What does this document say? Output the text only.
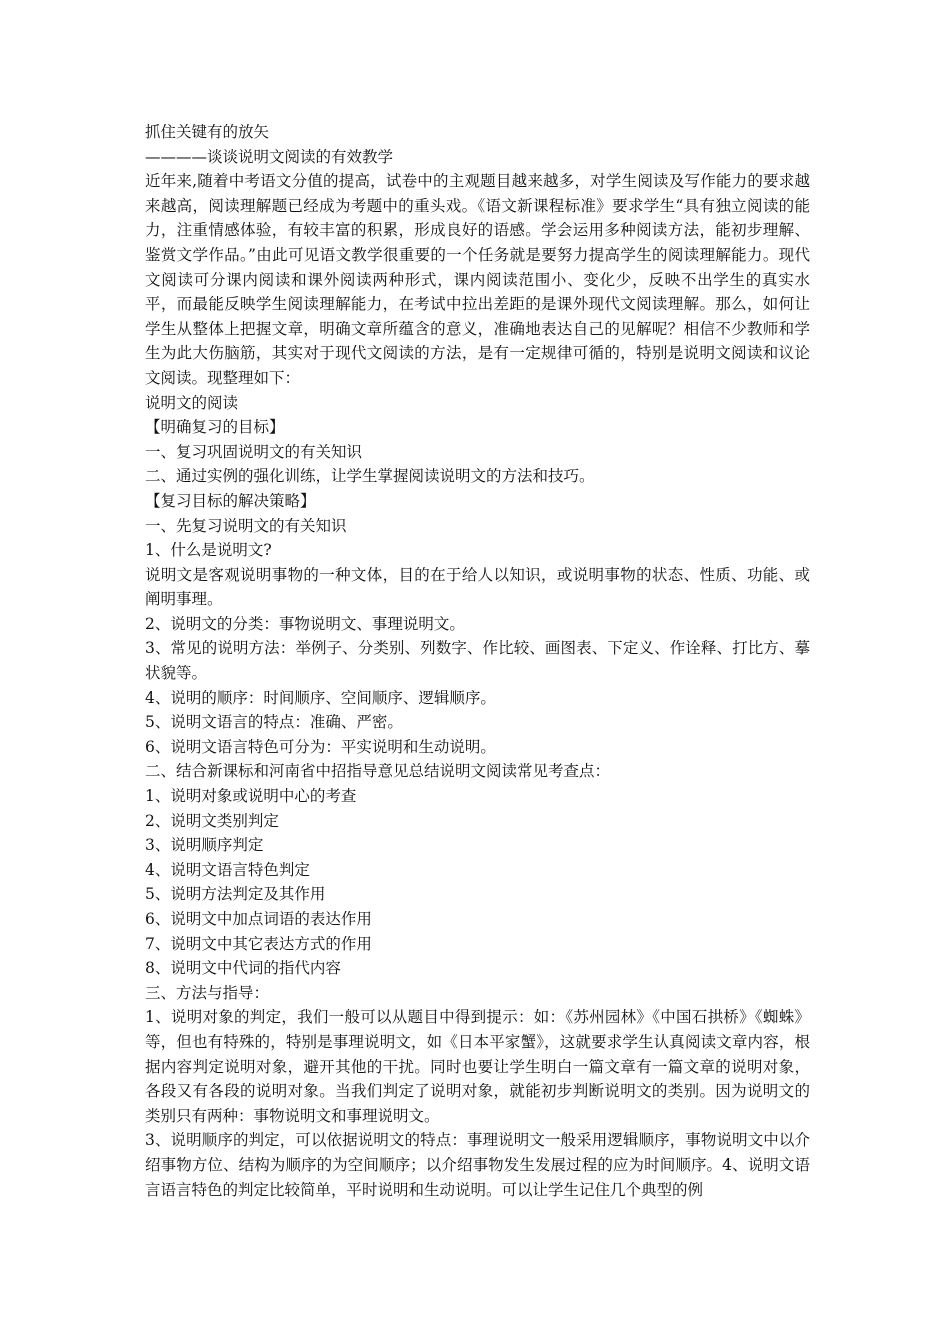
抓住关键有的放矢

————谈谈说明文阅读的有效教学

近年来,随着中考语文分值的提高，试卷中的主观题目越来越多，对学生阅读及写作能力的要求越来越高，阅读理解题已经成为考题中的重头戏。《语文新课程标准》要求学生“具有独立阅读的能力，注重情感体验，有较丰富的积累，形成良好的语感。学会运用多种阅读方法，能初步理解、鉴赏文学作品。”由此可见语文教学很重要的一个任务就是要努力提高学生的阅读理解能力。现代文阅读可分课内阅读和课外阅读两种形式，课内阅读范围小、变化少，反映不出学生的真实水平，而最能反映学生阅读理解能力，在考试中拉出差距的是课外现代文阅读理解。那么，如何让学生从整体上把握文章，明确文章所蕴含的意义，准确地表达自己的见解呢？相信不少教师和学生为此大伤脑筋，其实对于现代文阅读的方法，是有一定规律可循的，特别是说明文阅读和议论文阅读。现整理如下：

说明文的阅读

【明确复习的目标】

一、复习巩固说明文的有关知识

二、通过实例的强化训练，让学生掌握阅读说明文的方法和技巧。

【复习目标的解决策略】

一、先复习说明文的有关知识

1、什么是说明文?

说明文是客观说明事物的一种文体，目的在于给人以知识，或说明事物的状态、性质、功能、或阐明事理。

2、说明文的分类：事物说明文、事理说明文。

3、常见的说明方法：举例子、分类别、列数字、作比较、画图表、下定义、作诠释、打比方、摹状貌等。

4、说明的顺序：时间顺序、空间顺序、逻辑顺序。

5、说明文语言的特点：准确、严密。

6、说明文语言特色可分为：平实说明和生动说明。

二、结合新课标和河南省中招指导意见总结说明文阅读常见考查点：

1、说明对象或说明中心的考查

2、说明文类别判定

3、说明顺序判定

4、说明文语言特色判定

5、说明方法判定及其作用

6、说明文中加点词语的表达作用

7、说明文中其它表达方式的作用

8、说明文中代词的指代内容

三、方法与指导：

1、说明对象的判定，我们一般可以从题目中得到提示：如：《苏州园林》《中国石拱桥》《蜘蛛》等，但也有特殊的，特别是事理说明文，如《日本平家蟹》，这就要求学生认真阅读文章内容，根据内容判定说明对象，避开其他的干扰。同时也要让学生明白一篇文章有一篇文章的说明对象，各段又有各段的说明对象。当我们判定了说明对象，就能初步判断说明文的类别。因为说明文的类别只有两种：事物说明文和事理说明文。

3、说明顺序的判定，可以依据说明文的特点：事理说明文一般采用逻辑顺序，事物说明文中以介绍事物方位、结构为顺序的为空间顺序；以介绍事物发生发展过程的应为时间顺序。4、说明文语言语言特色的判定比较简单，平时说明和生动说明。可以让学生记住几个典型的例
